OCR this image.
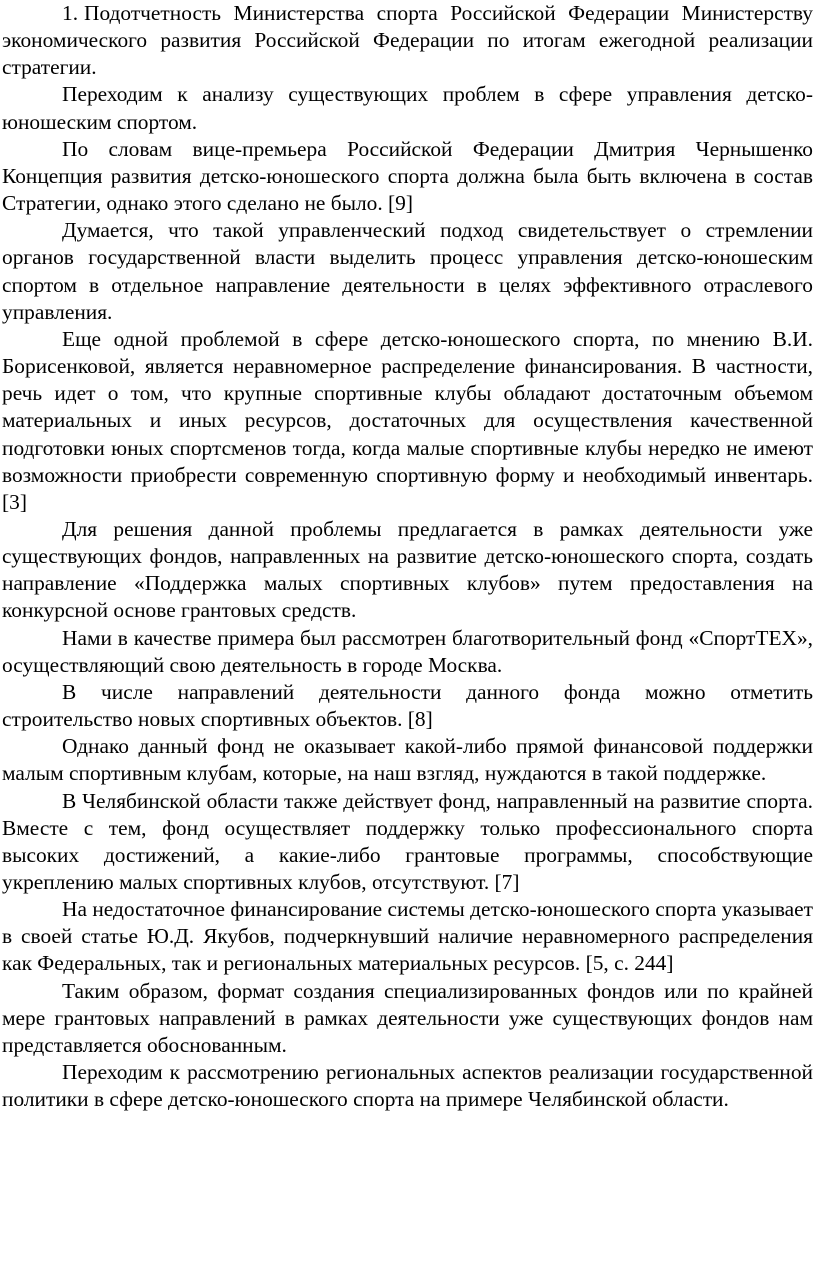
1. Подотчетность Министерства спорта Российской Федерации Министерству экономического развития Российской Федерации по итогам ежегодной реализации стратегии.

Переходим к анализу существующих проблем в сфере управления детско-юношеским спортом.

По словам вице-премьера Российской Федерации Дмитрия Чернышенко Концепция развития детско-юношеского спорта должна была быть включена в состав Стратегии, однако этого сделано не было. [9]

Думается, что такой управленческий подход свидетельствует о стремлении органов государственной власти выделить процесс управления детско-юношеским спортом в отдельное направление деятельности в целях эффективного отраслевого управления.

Еще одной проблемой в сфере детско-юношеского спорта, по мнению В.И. Борисенковой, является неравномерное распределение финансирования. В частности, речь идет о том, что крупные спортивные клубы обладают достаточным объемом материальных и иных ресурсов, достаточных для осуществления качественной подготовки юных спортсменов тогда, когда малые спортивные клубы нередко не имеют возможности приобрести современную спортивную форму и необходимый инвентарь. [3]

Для решения данной проблемы предлагается в рамках деятельности уже существующих фондов, направленных на развитие детско-юношеского спорта, создать направление «Поддержка малых спортивных клубов» путем предоставления на конкурсной основе грантовых средств.

Нами в качестве примера был рассмотрен благотворительный фонд «СпортТЕХ», осуществляющий свою деятельность в городе Москва.

В числе направлений деятельности данного фонда можно отметить строительство новых спортивных объектов. [8]

Однако данный фонд не оказывает какой-либо прямой финансовой поддержки малым спортивным клубам, которые, на наш взгляд, нуждаются в такой поддержке.

В Челябинской области также действует фонд, направленный на развитие спорта. Вместе с тем, фонд осуществляет поддержку только профессионального спорта высоких достижений, а какие-либо грантовые программы, способствующие укреплению малых спортивных клубов, отсутствуют. [7]

На недостаточное финансирование системы детско-юношеского спорта указывает в своей статье Ю.Д. Якубов, подчеркнувший наличие неравномерного распределения как Федеральных, так и региональных материальных ресурсов. [5, с. 244]

Таким образом, формат создания специализированных фондов или по крайней мере грантовых направлений в рамках деятельности уже существующих фондов нам представляется обоснованным.

Переходим к рассмотрению региональных аспектов реализации государственной политики в сфере детско-юношеского спорта на примере Челябинской области.
